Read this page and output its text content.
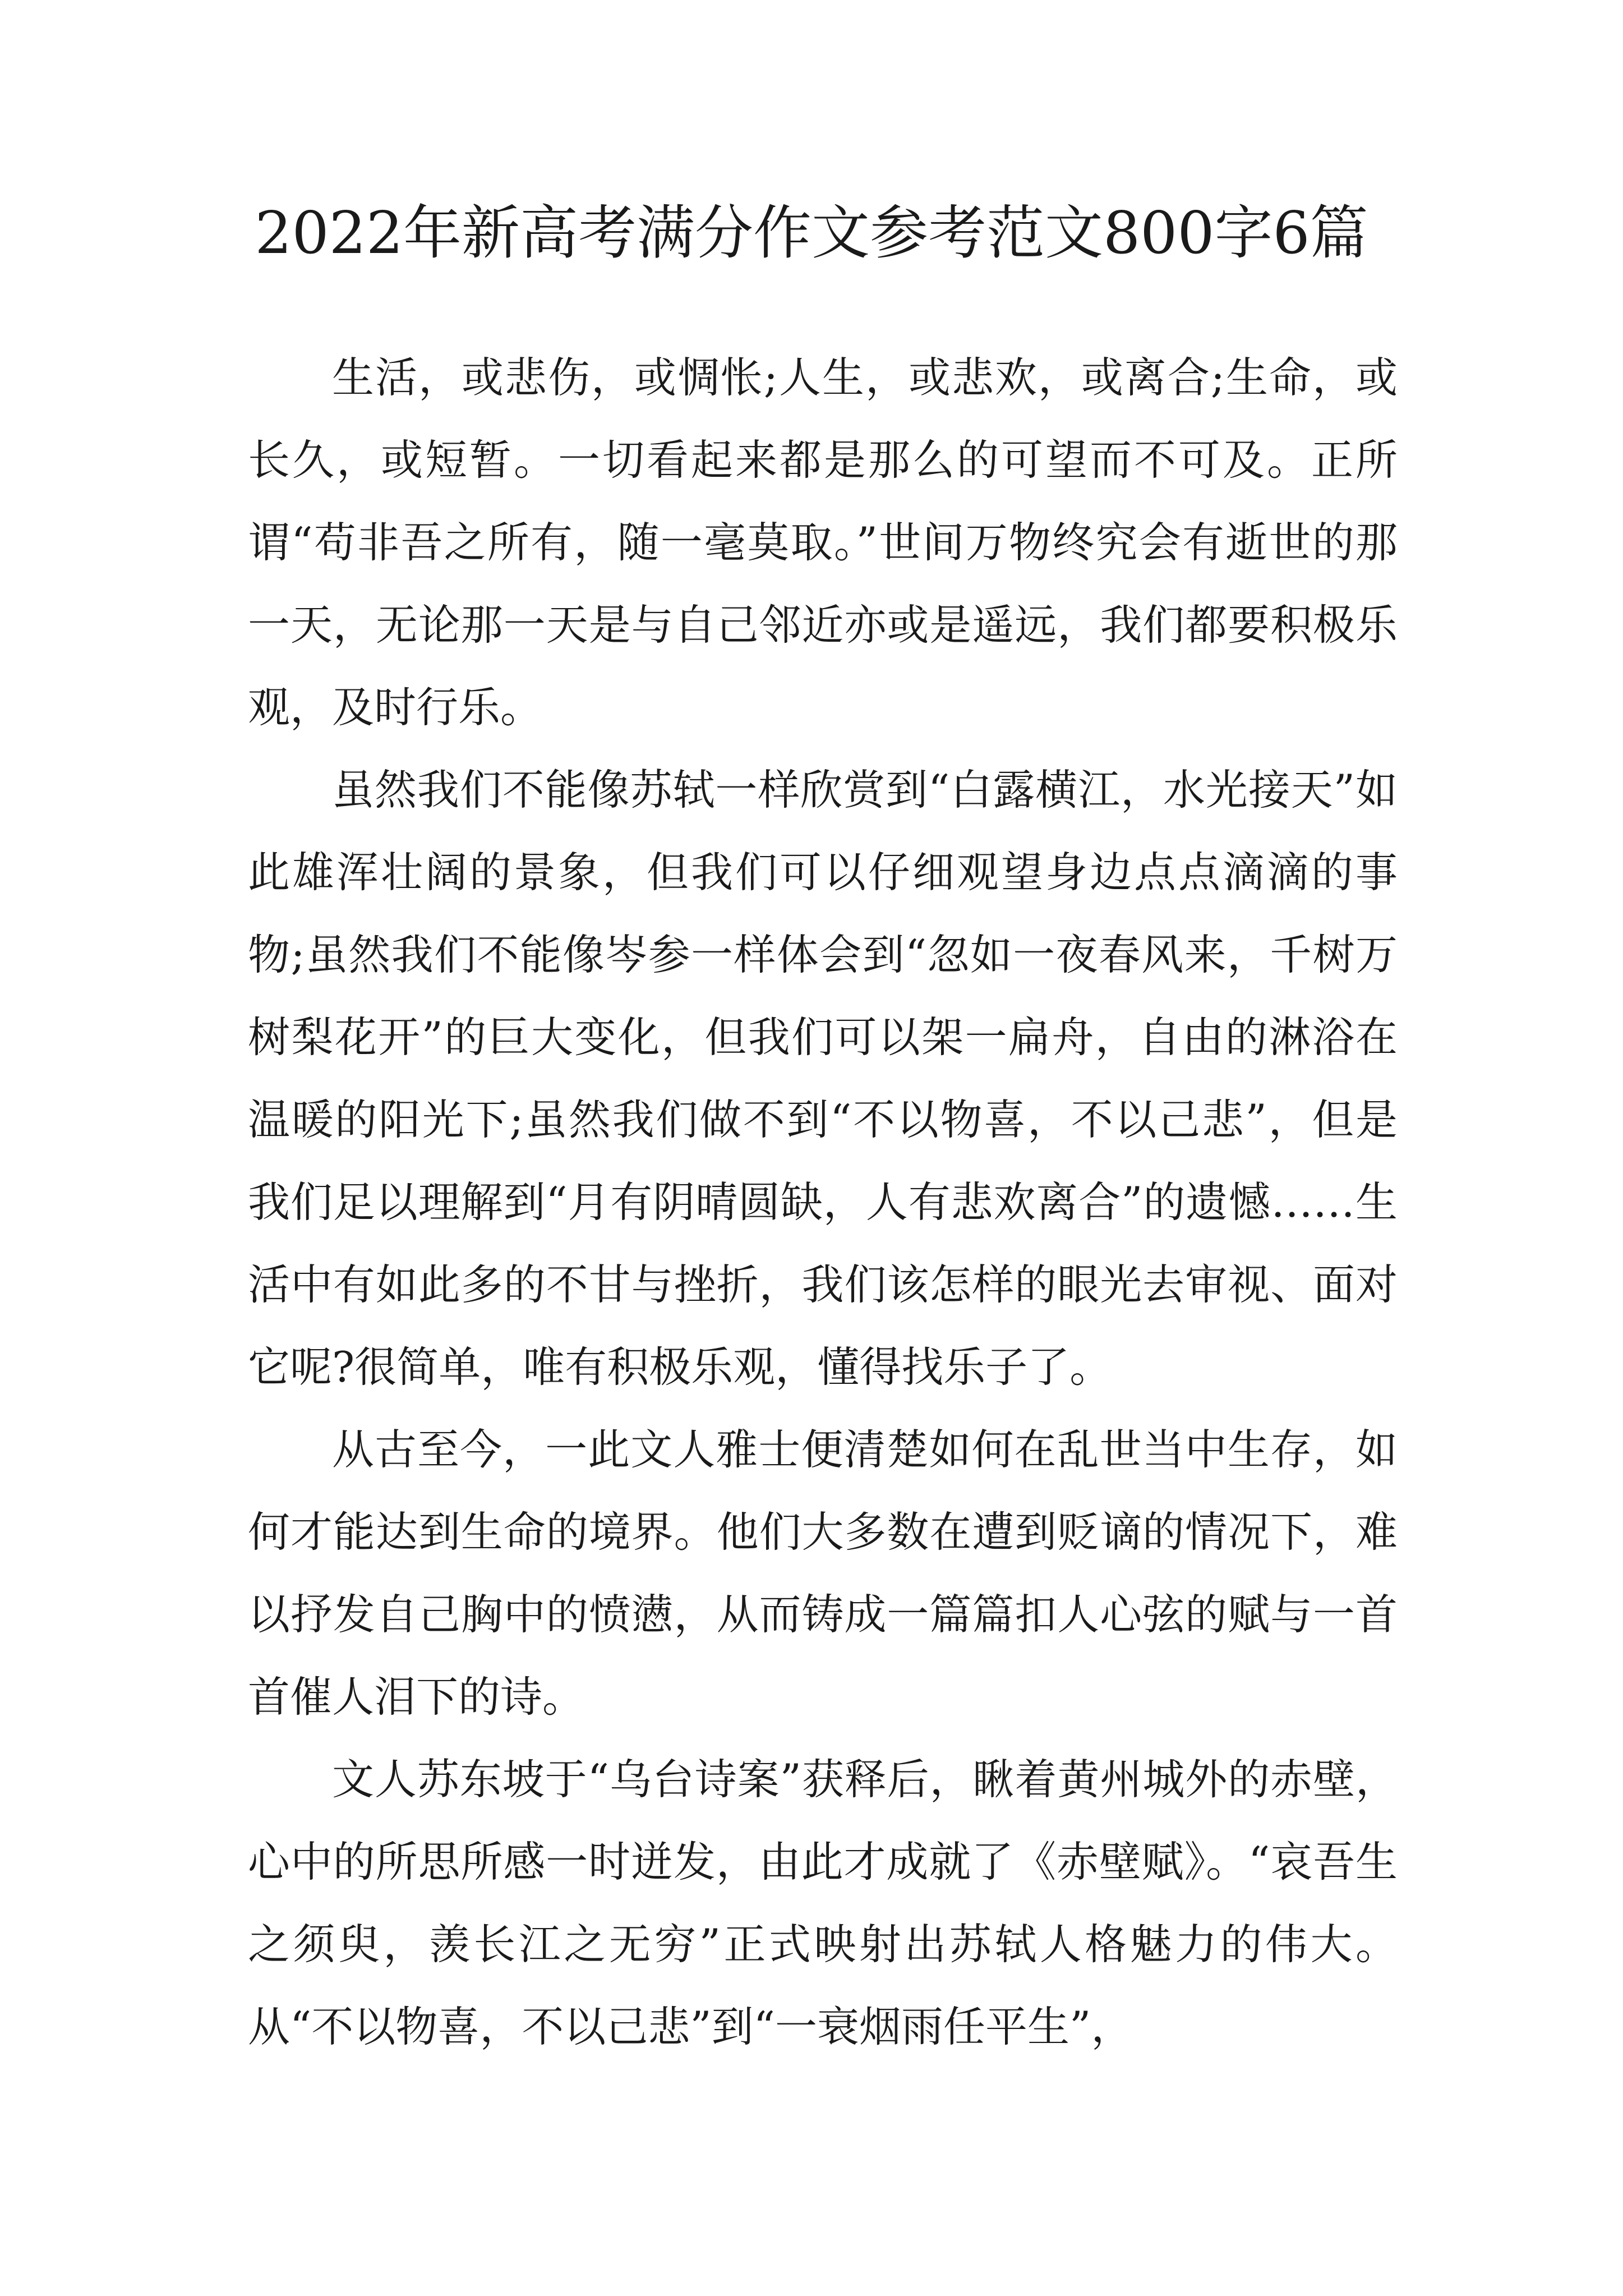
2022年新高考满分作文参考范文800字6篇

生活，或悲伤，或惆怅;人生，或悲欢，或离合;生命，或长久，或短暂。一切看起来都是那么的可望而不可及。正所谓“苟非吾之所有，随一毫莫取。”世间万物终究会有逝世的那一天，无论那一天是与自己邻近亦或是遥远，我们都要积极乐观，及时行乐。

虽然我们不能像苏轼一样欣赏到“白露横江，水光接天”如此雄浑壮阔的景象，但我们可以仔细观望身边点点滴滴的事物;虽然我们不能像岑参一样体会到“忽如一夜春风来，千树万树梨花开”的巨大变化，但我们可以架一扁舟，自由的淋浴在温暖的阳光下;虽然我们做不到“不以物喜，不以己悲”，但是我们足以理解到“月有阴晴圆缺，人有悲欢离合”的遗憾……生活中有如此多的不甘与挫折，我们该怎样的眼光去审视、面对它呢?很简单，唯有积极乐观，懂得找乐子了。

从古至今，一此文人雅士便清楚如何在乱世当中生存，如何才能达到生命的境界。他们大多数在遭到贬谪的情况下，难以抒发自己胸中的愤懑，从而铸成一篇篇扣人心弦的赋与一首首催人泪下的诗。

文人苏东坡于“乌台诗案”获释后，瞅着黄州城外的赤壁，心中的所思所感一时迸发，由此才成就了《赤壁赋》。“哀吾生之须臾，羡长江之无穷”正式映射出苏轼人格魅力的伟大。从“不以物喜，不以己悲”到“一衰烟雨任平生”，
